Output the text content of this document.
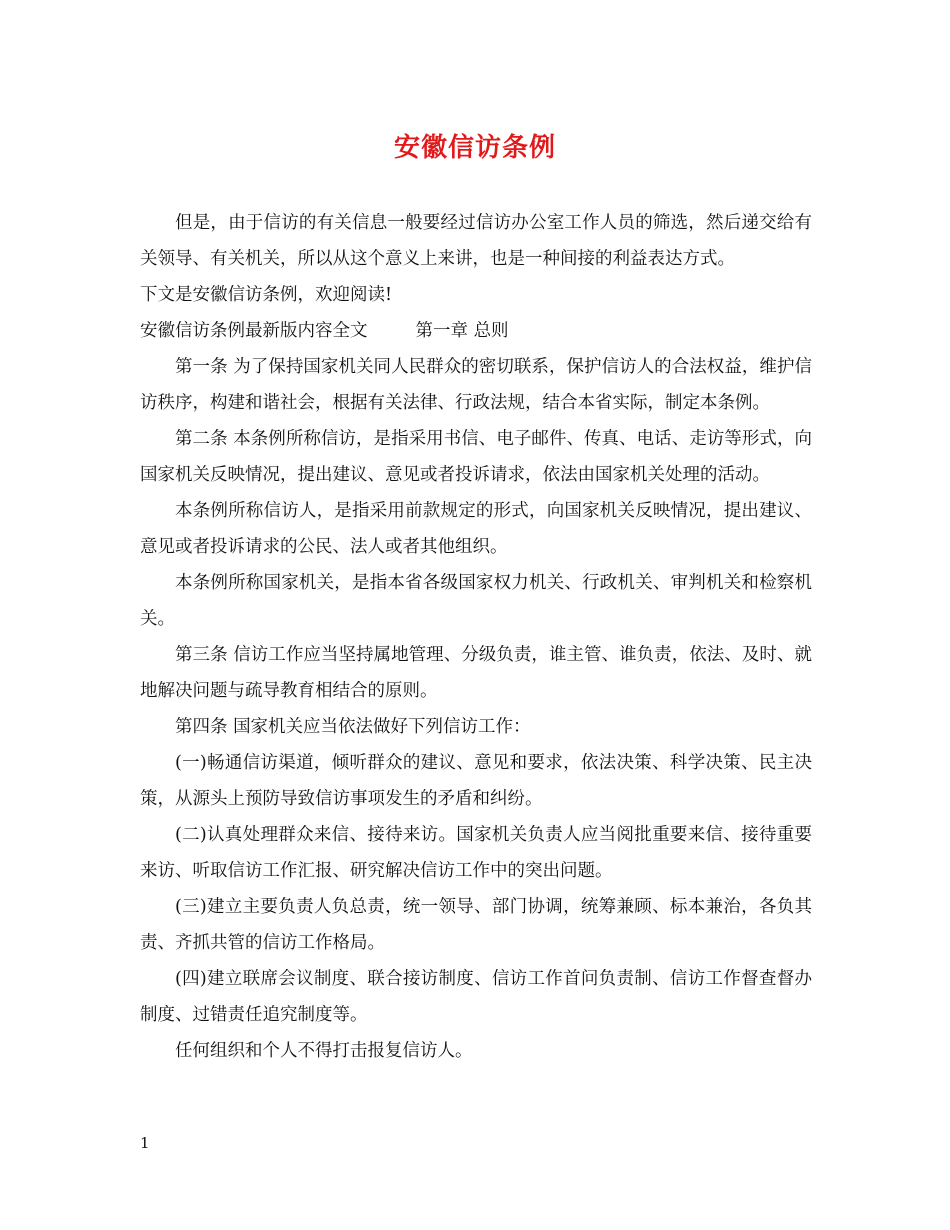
安徽信访条例

但是，由于信访的有关信息一般要经过信访办公室工作人员的筛选，然后递交给有关领导、有关机关，所以从这个意义上来讲，也是一种间接的利益表达方式。

下文是安徽信访条例，欢迎阅读!

安徽信访条例最新版内容全文	第一章 总则

第一条 为了保持国家机关同人民群众的密切联系，保护信访人的合法权益，维护信访秩序，构建和谐社会，根据有关法律、行政法规，结合本省实际，制定本条例。

第二条 本条例所称信访，是指采用书信、电子邮件、传真、电话、走访等形式，向国家机关反映情况，提出建议、意见或者投诉请求，依法由国家机关处理的活动。

本条例所称信访人，是指采用前款规定的形式，向国家机关反映情况，提出建议、意见或者投诉请求的公民、法人或者其他组织。

本条例所称国家机关，是指本省各级国家权力机关、行政机关、审判机关和检察机关。

第三条 信访工作应当坚持属地管理、分级负责，谁主管、谁负责，依法、及时、就地解决问题与疏导教育相结合的原则。

第四条 国家机关应当依法做好下列信访工作：

(一)畅通信访渠道，倾听群众的建议、意见和要求，依法决策、科学决策、民主决策，从源头上预防导致信访事项发生的矛盾和纠纷。

(二)认真处理群众来信、接待来访。国家机关负责人应当阅批重要来信、接待重要来访、听取信访工作汇报、研究解决信访工作中的突出问题。

(三)建立主要负责人负总责，统一领导、部门协调，统筹兼顾、标本兼治，各负其责、齐抓共管的信访工作格局。

(四)建立联席会议制度、联合接访制度、信访工作首问负责制、信访工作督查督办制度、过错责任追究制度等。

任何组织和个人不得打击报复信访人。

1
